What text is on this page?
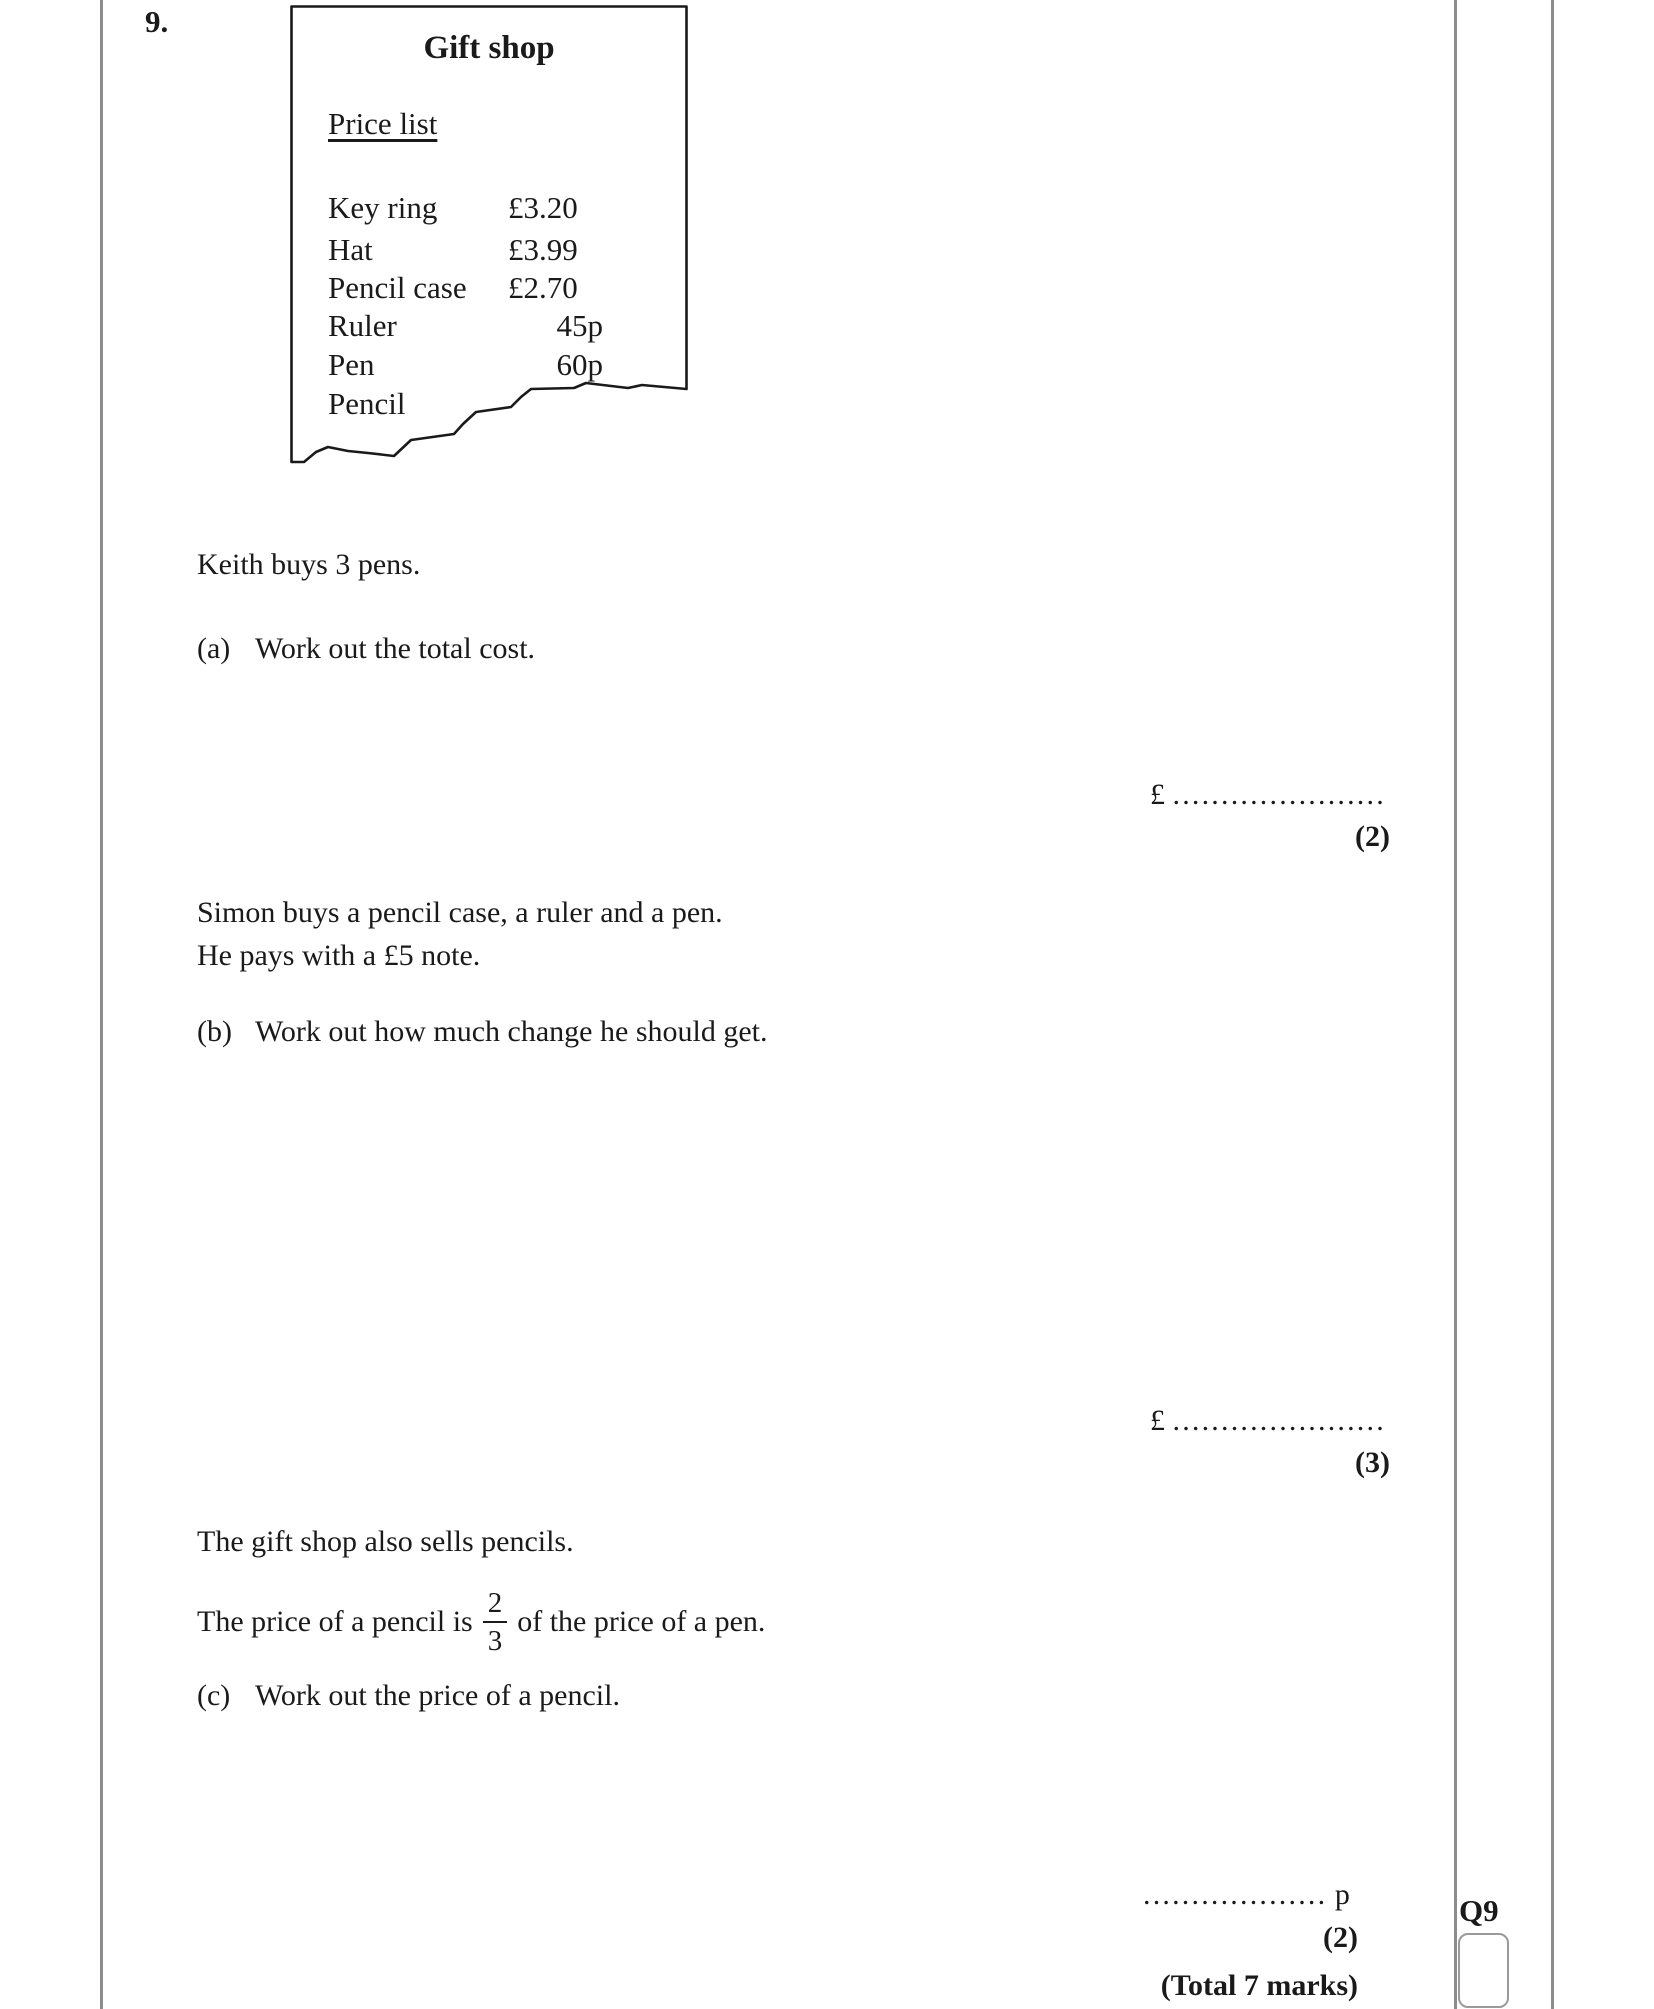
9.
Gift shop
Price list
Key ring £3.20
Hat	£3.99
Pencil case £2.70
Ruler	45p
Pen	60p
Pencil
Keith buys 3 pens.
(a) Work out the total cost.
£ ......................
(2)
Simon buys a pencil case, a ruler and a pen.
He pays with a £5 note.
(b) Work out how much change he should get.
£ ......................
(3)
The gift shop also sells pencils.
The price of a pencil is $\frac{2}{3}$ of the price of a pen.
(c) Work out the price of a pencil.
................... p
(2)
(Total 7 marks)
Q9
